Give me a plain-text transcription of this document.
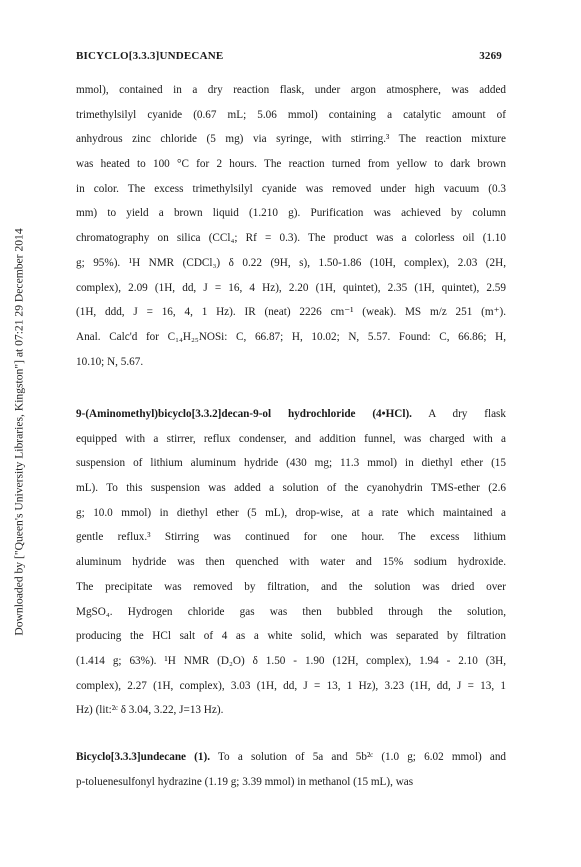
Downloaded by ["Queen's University Libraries, Kingston"] at 07:21 29 December 2014
BICYCLO[3.3.3]UNDECANE	3269
mmol), contained in a dry reaction flask, under argon atmosphere, was added
trimethylsilyl cyanide (0.67 mL; 5.06 mmol) containing a catalytic amount of
anhydrous zinc chloride (5 mg) via syringe, with stirring.³ The reaction mixture
was heated to 100 °C for 2 hours. The reaction turned from yellow to dark brown
in color. The excess trimethylsilyl cyanide was removed under high vacuum (0.3
mm) to yield a brown liquid (1.210 g). Purification was achieved by column
chromatography on silica (CCl₄; Rf = 0.3). The product was a colorless oil (1.10
g; 95%). ¹H NMR (CDCl₃) δ 0.22 (9H, s), 1.50-1.86 (10H, complex), 2.03 (2H,
complex), 2.09 (1H, dd, J = 16, 4 Hz), 2.20 (1H, quintet), 2.35 (1H, quintet), 2.59
(1H, ddd, J = 16, 4, 1 Hz). IR (neat) 2226 cm⁻¹ (weak). MS m/z 251 (m⁺).
Anal. Calc'd for C₁₄H₂₅NOSi: C, 66.87; H, 10.02; N, 5.57. Found: C, 66.86; H,
10.10; N, 5.67.
9-(Aminomethyl)bicyclo[3.3.2]decan-9-ol hydrochloride (4•HCl). A dry flask
equipped with a stirrer, reflux condenser, and addition funnel, was charged with a
suspension of lithium aluminum hydride (430 mg; 11.3 mmol) in diethyl ether (15
mL). To this suspension was added a solution of the cyanohydrin TMS-ether (2.6
g; 10.0 mmol) in diethyl ether (5 mL), drop-wise, at a rate which maintained a
gentle reflux.³ Stirring was continued for one hour. The excess lithium
aluminum hydride was then quenched with water and 15% sodium hydroxide.
The precipitate was removed by filtration, and the solution was dried over
MgSO₄. Hydrogen chloride gas was then bubbled through the solution,
producing the HCl salt of 4 as a white solid, which was separated by filtration
(1.414 g; 63%). ¹H NMR (D₂O) δ 1.50 - 1.90 (12H, complex), 1.94 - 2.10 (3H,
complex), 2.27 (1H, complex), 3.03 (1H, dd, J = 13, 1 Hz), 3.23 (1H, dd, J = 13, 1
Hz) (lit:²ᶜ δ 3.04, 3.22, J=13 Hz).
Bicyclo[3.3.3]undecane (1). To a solution of 5a and 5b²ᶜ (1.0 g; 6.02 mmol) and
p-toluenesulfonyl hydrazine (1.19 g; 3.39 mmol) in methanol (15 mL), was
